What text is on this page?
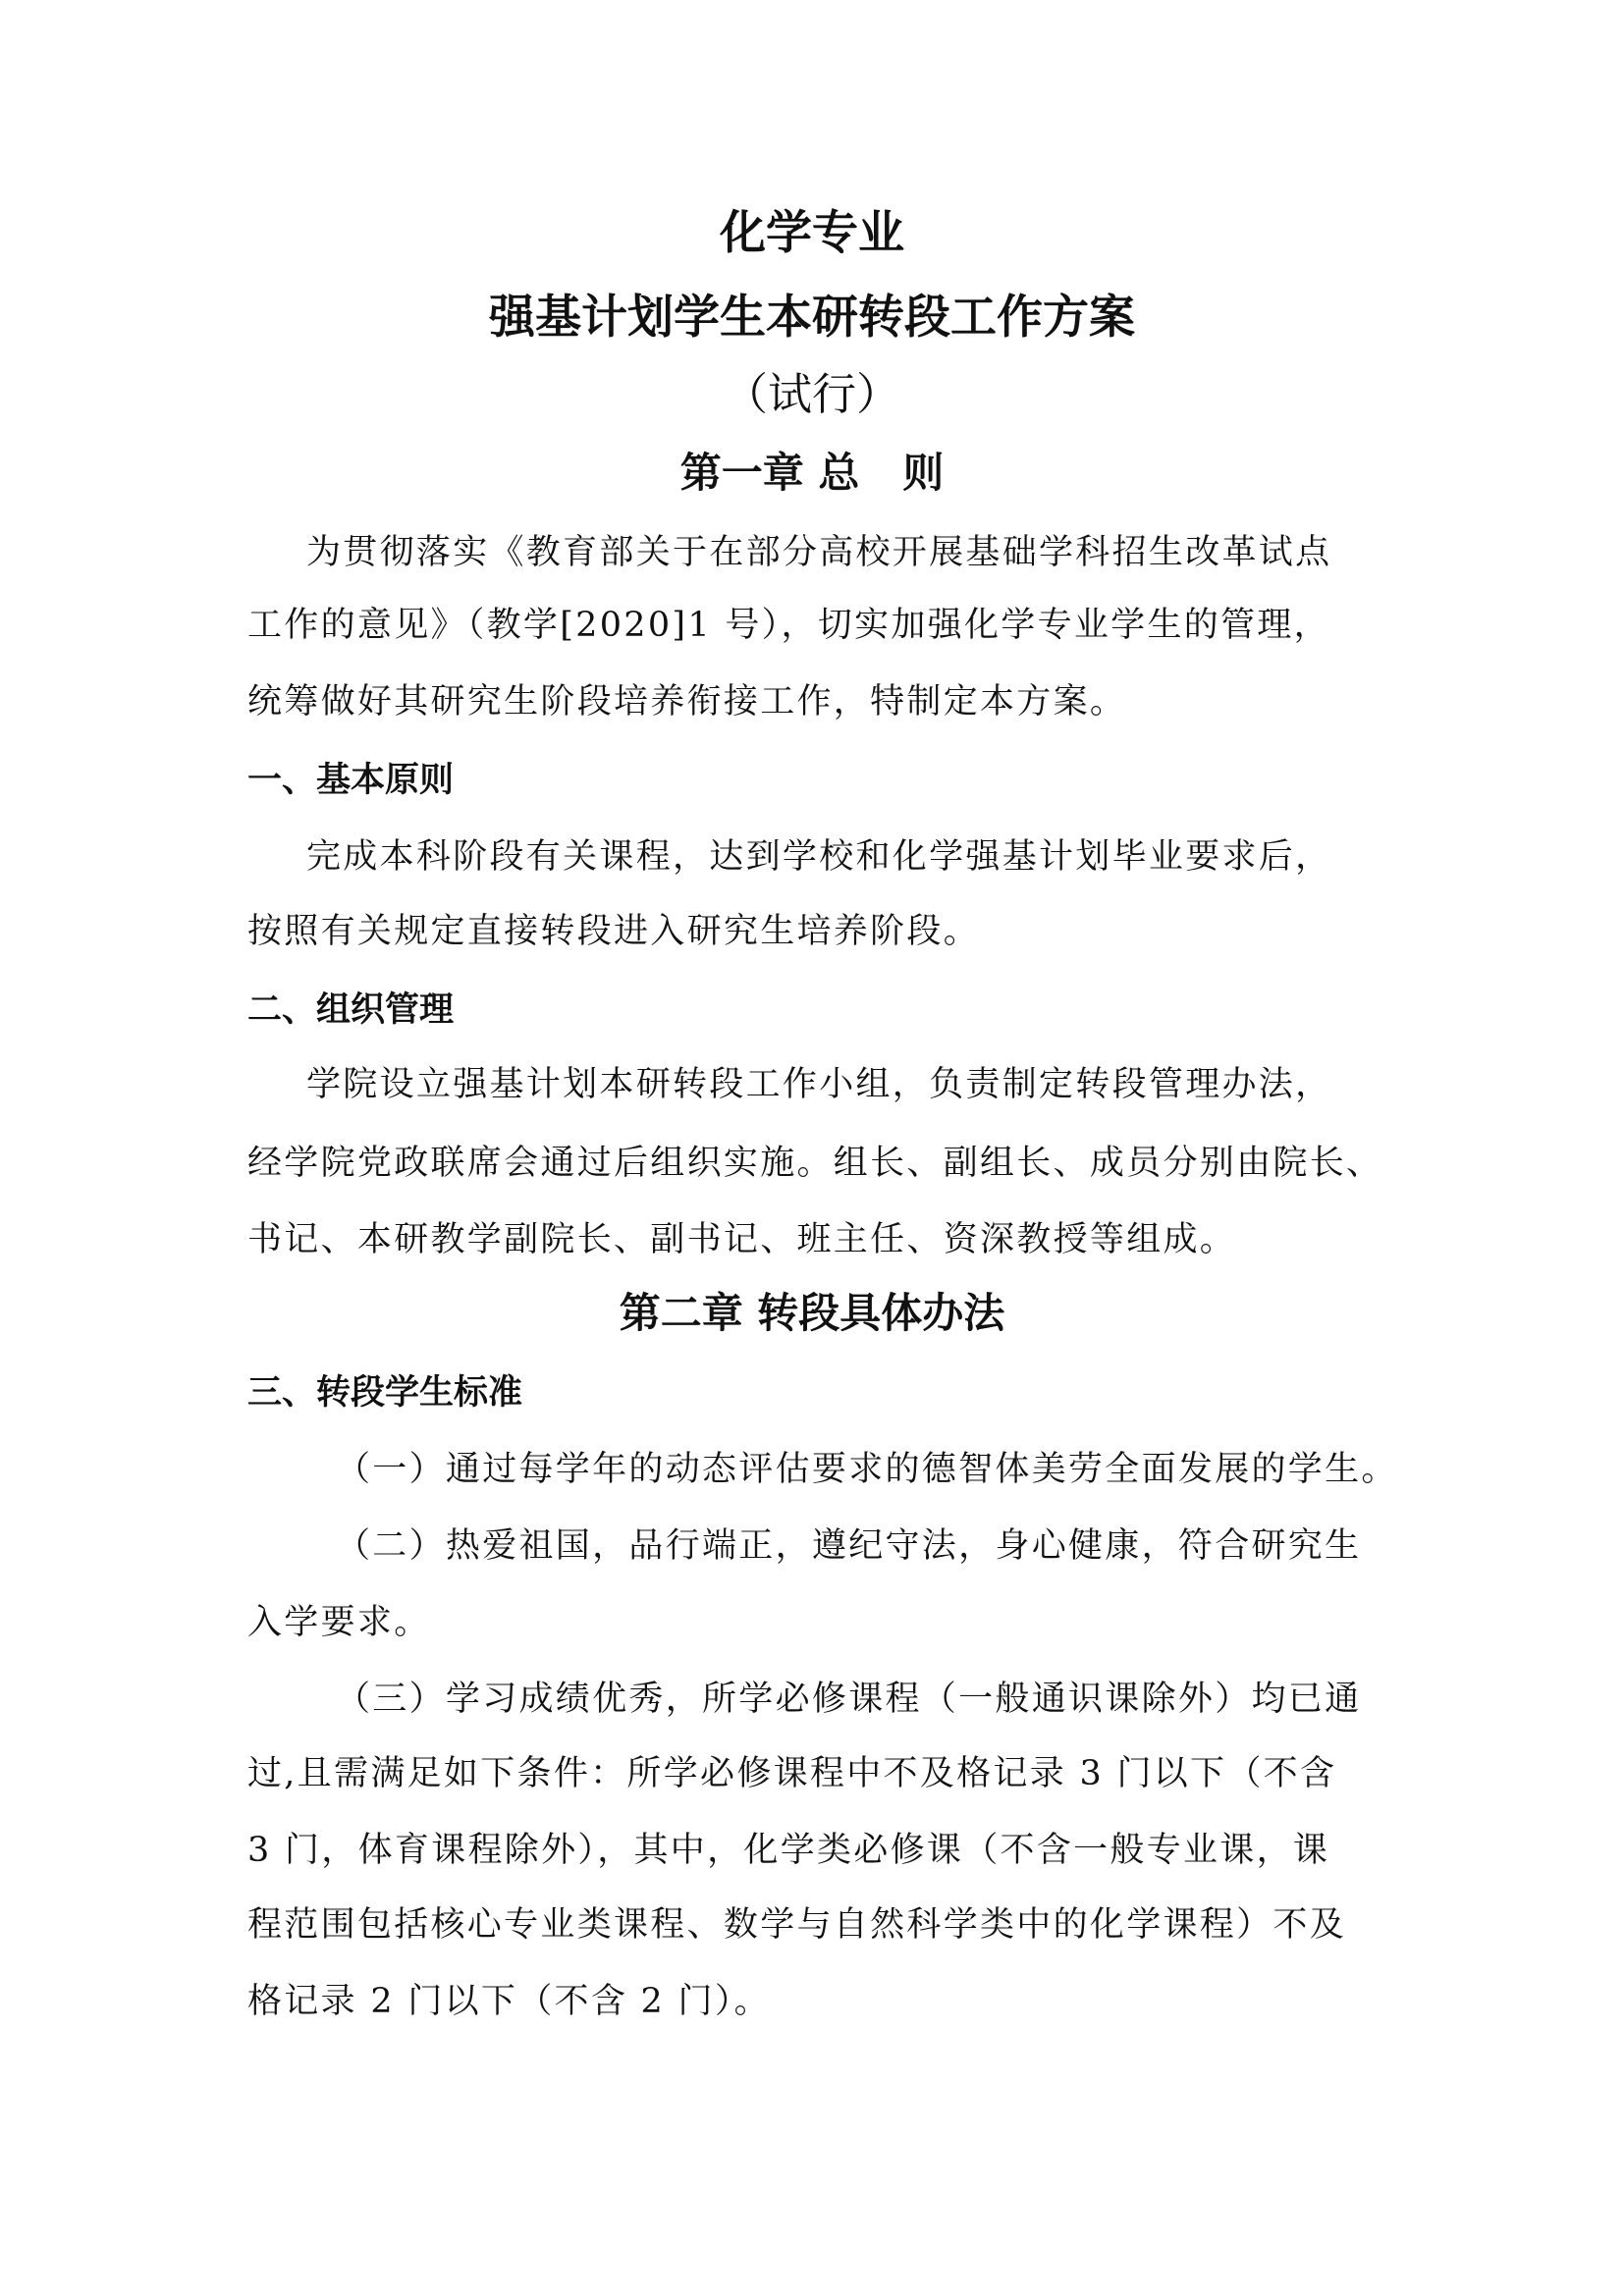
化学专业
强基计划学生本研转段工作方案
（试行）
第一章 总   则

为贯彻落实《教育部关于在部分高校开展基础学科招生改革试点

工作的意见》（教学[2020]1 号），切实加强化学专业学生的管理，

统筹做好其研究生阶段培养衔接工作，特制定本方案。

一、基本原则

完成本科阶段有关课程，达到学校和化学强基计划毕业要求后，

按照有关规定直接转段进入研究生培养阶段。

二、组织管理

学院设立强基计划本研转段工作小组，负责制定转段管理办法，

经学院党政联席会通过后组织实施。组长、副组长、成员分别由院长、

书记、本研教学副院长、副书记、班主任、资深教授等组成。

第二章 转段具体办法
三、转段学生标准

（一）通过每学年的动态评估要求的德智体美劳全面发展的学生。

（二）热爱祖国，品行端正，遵纪守法，身心健康，符合研究生

入学要求。

（三）学习成绩优秀，所学必修课程（一般通识课除外）均已通

过,且需满足如下条件：所学必修课程中不及格记录 3 门以下（不含

3 门，体育课程除外），其中，化学类必修课（不含一般专业课，课

程范围包括核心专业类课程、数学与自然科学类中的化学课程）不及

格记录 2 门以下（不含 2 门）。
